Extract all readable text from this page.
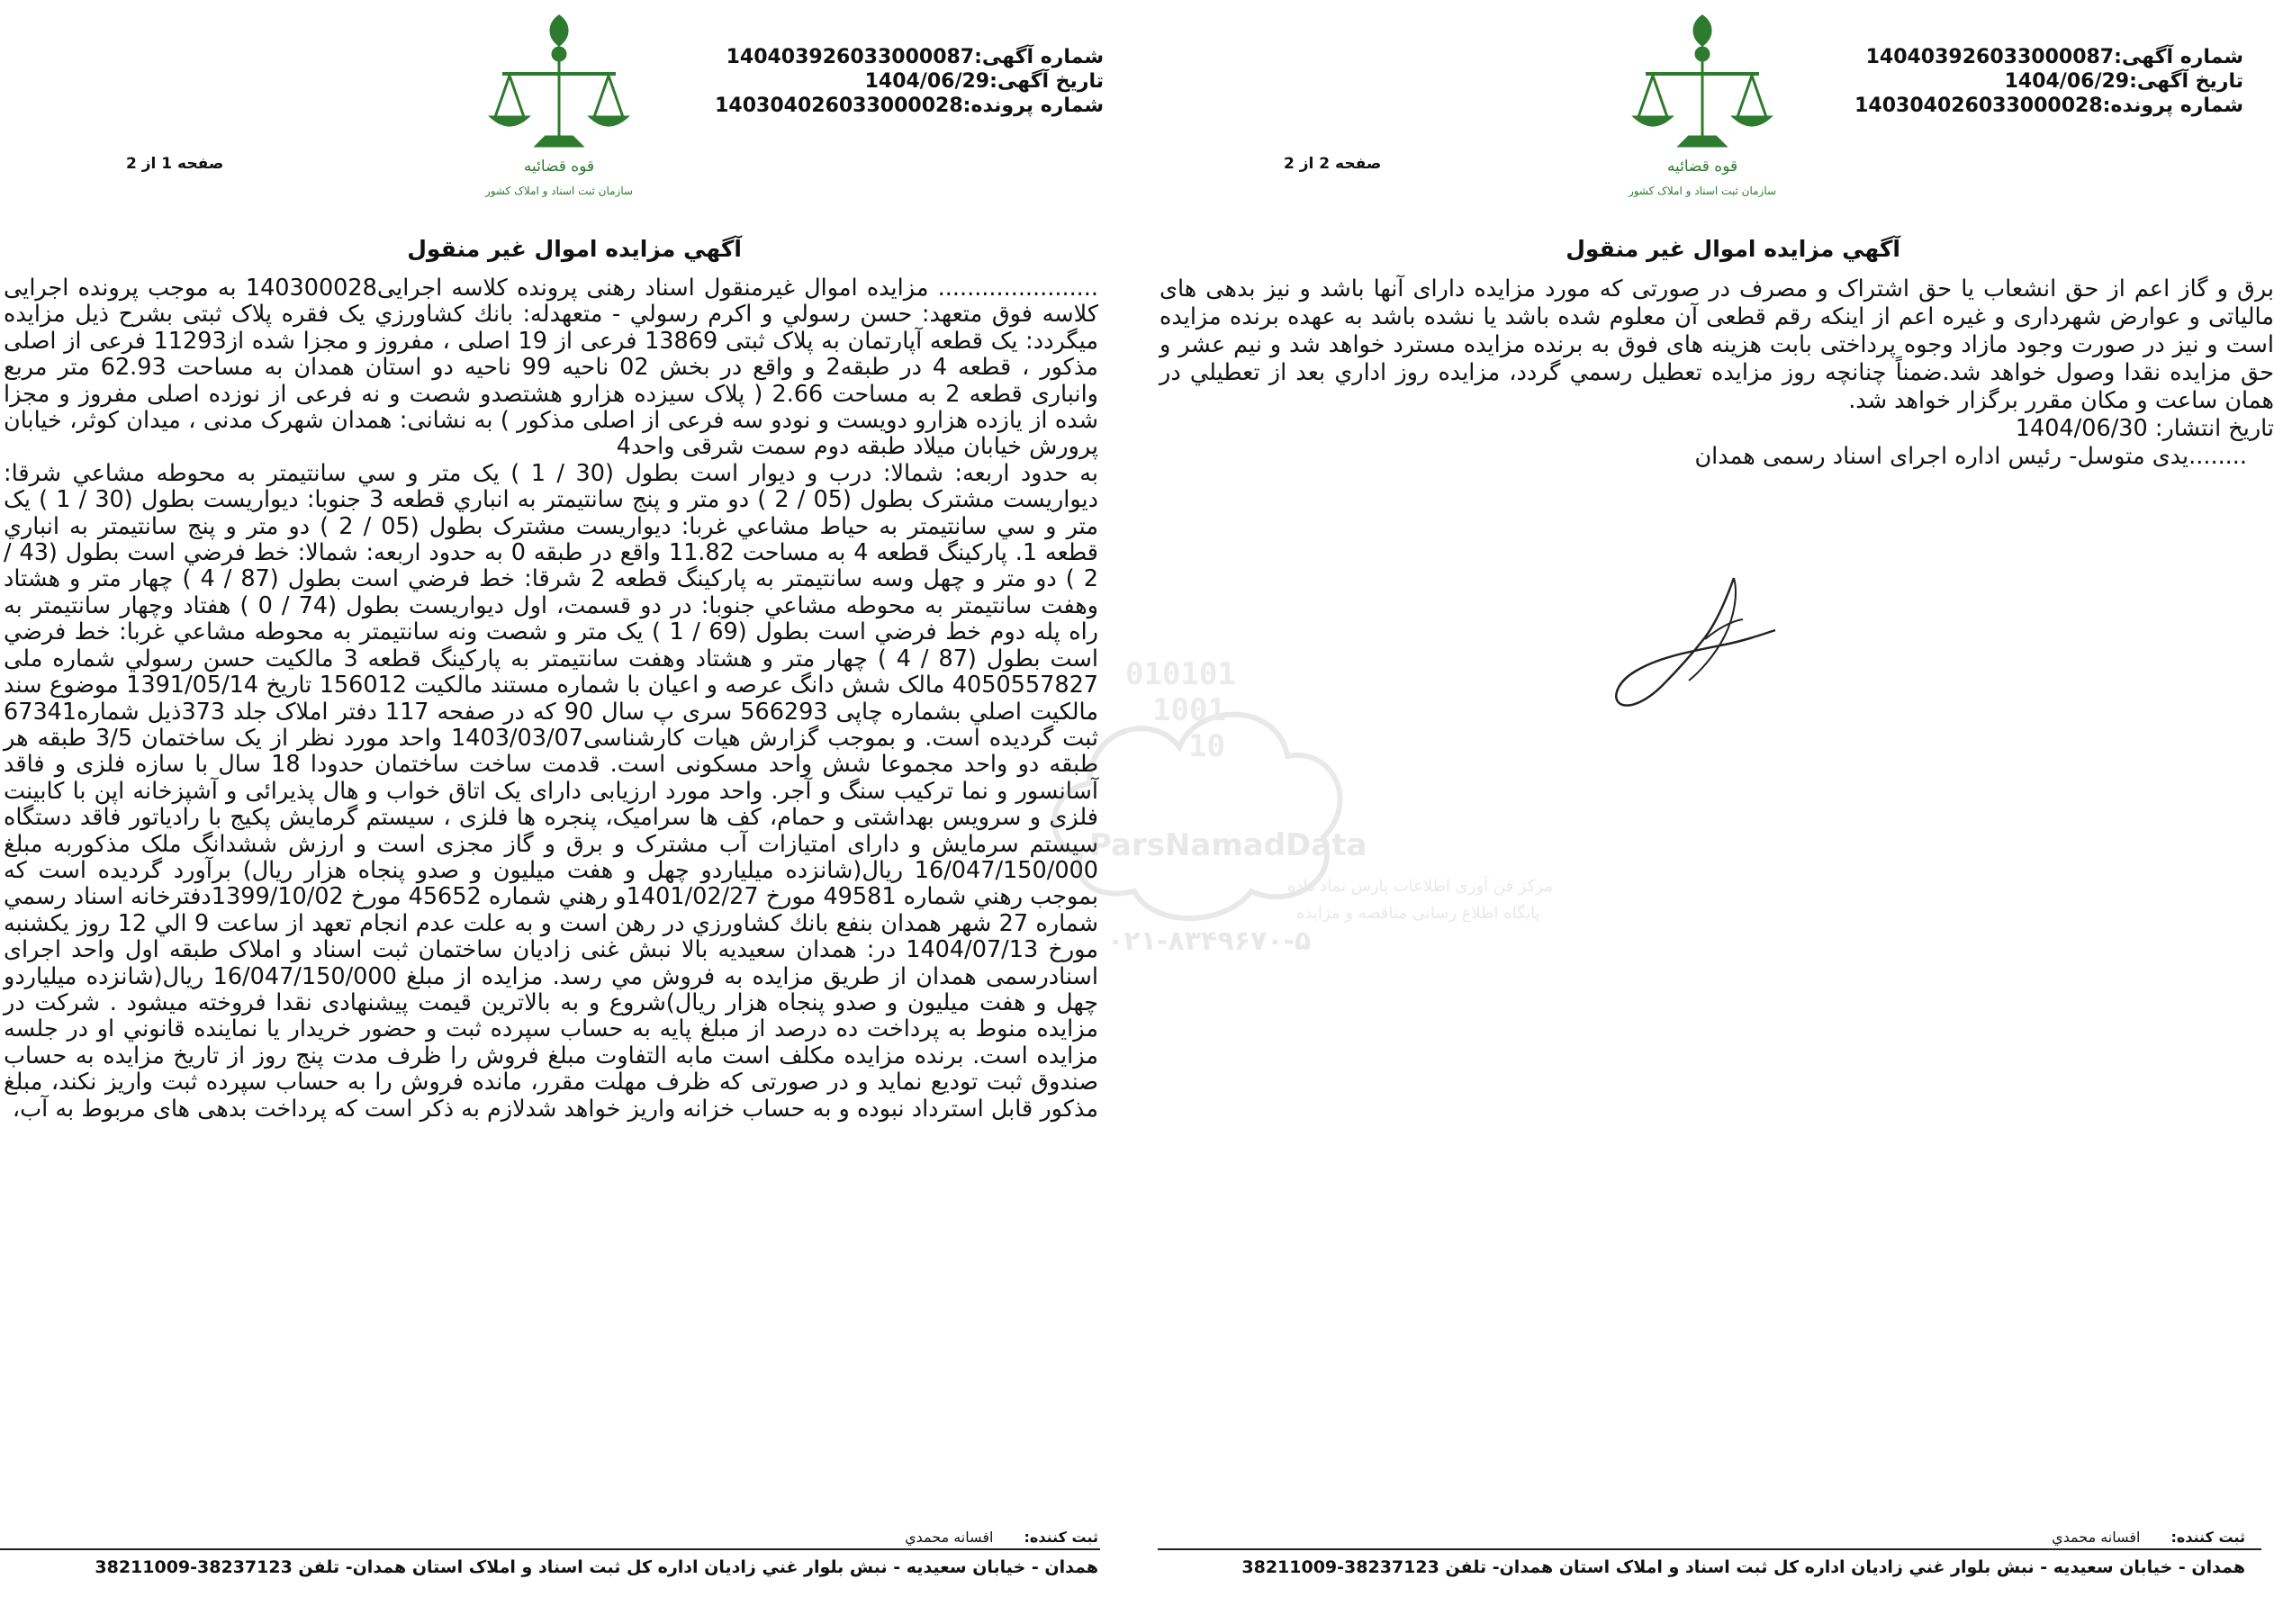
شماره آگهی:140403926033000087
تاریخ آگهی:1404/06/29
شماره پرونده:140304026033000028
قوه قضائیه
سازمان ثبت اسناد و املاک کشور
صفحه 2 از 2
آگهي مزايده اموال غير منقول

برق و گاز اعم از حق انشعاب یا حق اشتراک و مصرف در صورتی که مورد مزایده دارای آنها باشد و نیز بدهی های مالیاتی و عوارض شهرداری و غیره اعم از اینکه رقم قطعی آن معلوم شده باشد یا نشده باشد به عهده برنده مزایده است و نیز در صورت وجود مازاد وجوه پرداختی بابت هزینه های فوق به برنده مزایده مسترد خواهد شد و نیم عشر و حق مزایده نقدا وصول خواهد شد.ضمناً چنانچه روز مزایده تعطیل رسمي گردد، مزايده روز اداري بعد از تعطيلي در همان ساعت و مكان مقرر برگزار خواهد شد.

تاریخ انتشار: 1404/06/30

........یدی متوسل- رئیس اداره اجرای اسناد رسمی همدان

ثبت کننده:افسانه محمدي
همدان - خیابان سعیدیه - نبش بلوار غني زادیان اداره کل ثبت اسناد و املاک استان همدان- تلفن 38237123-38211009
شماره آگهی:140403926033000087
تاریخ آگهی:1404/06/29
شماره پرونده:140304026033000028
قوه قضائیه
سازمان ثبت اسناد و املاک کشور
صفحه 1 از 2
آگهي مزايده اموال غير منقول

...................... مزايده اموال غيرمنقول اسناد رهنی پرونده كلاسه اجرايی140300028 به موجب پرونده اجرایی کلاسه فوق متعهد: حسن رسولي و اکرم رسولي - متعهدله: بانك كشاورزي یک فقره پلاک ثبتی بشرح ذیل مزایده میگردد: یک قطعه آپارتمان به پلاک ثبتی 13869 فرعی از 19 اصلی ، مفروز و مجزا شده از11293 فرعی از اصلی مذکور ، قطعه 4 در طبقه2 و واقع در بخش 02 ناحیه 99 ناحیه دو استان همدان به مساحت 62.93 متر مربع وانباری قطعه 2 به مساحت 2.66 ( پلاک سیزده هزارو هشتصدو شصت و نه فرعی از نوزده اصلی مفروز و مجزا شده از یازده هزارو دویست و نودو سه فرعی از اصلی مذکور ) به نشانی: همدان شهرک مدنی ، میدان کوثر، خیابان پرورش خیابان میلاد طبقه دوم سمت شرقی واحد4

به حدود اربعه: شمالا: درب و ديوار است بطول (30 / 1 ) يک متر و سي سانتيمتر به محوطه مشاعي شرقا: ديواريست مشترک بطول (05 / 2 ) دو متر و پنج سانتيمتر به انباري قطعه 3 جنوبا: ديواريست بطول (30 / 1 ) يک متر و سي سانتيمتر به حياط مشاعي غربا: ديواريست مشترک بطول (05 / 2 ) دو متر و پنج سانتيمتر به انباري قطعه 1. پارکينگ قطعه 4 به مساحت 11.82 واقع در طبقه 0 به حدود اربعه: شمالا: خط فرضي است بطول (43 / 2 ) دو متر و چهل وسه سانتيمتر به پارکينگ قطعه 2 شرقا: خط فرضي است بطول (87 / 4 ) چهار متر و هشتاد وهفت سانتيمتر به محوطه مشاعي جنوبا: در دو قسمت، اول ديواريست بطول (74 / 0 ) هفتاد وچهار سانتيمتر به راه پله دوم خط فرضي است بطول (69 / 1 ) يک متر و شصت ونه سانتيمتر به محوطه مشاعي غربا: خط فرضي است بطول (87 / 4 ) چهار متر و هشتاد وهفت سانتيمتر به پارکينگ قطعه 3 مالکیت حسن رسولي شماره ملی 4050557827 مالک شش دانگ عرصه و اعیان با شماره مستند مالکیت 156012 تاریخ 1391/05/14 موضوع سند مالکیت اصلي بشماره چاپی 566293 سری پ سال 90 که در صفحه 117 دفتر املاک جلد 373ذیل شماره67341 ثبت گرديده است. و بموجب گزارش هیات کارشناسی1403/03/07 واحد مورد نظر از یک ساختمان 3/5 طبقه هر طبقه دو واحد مجموعا شش واحد مسکونی است. قدمت ساخت ساختمان حدودا 18 سال با سازه فلزی و فاقد آسانسور و نما ترکیب سنگ و آجر. واحد مورد ارزیابی دارای یک اتاق خواب و هال پذیرائی و آشپزخانه اپن با کابینت فلزی و سرویس بهداشتی و حمام، کف ها سرامیک، پنجره ها فلزی ، سیستم گرمایش پکیج با رادیاتور فاقد دستگاه سیستم سرمایش و دارای امتیازات آب مشترک و برق و گاز مجزی است و ارزش ششدانگ ملک مذکوربه مبلغ 16/047/150/000 ريال(شانزده ميلياردو چهل و هفت ميليون و صدو پنجاه هزار ريال) برآورد گرديده است که بموجب رهني شماره 49581 مورخ 1401/02/27و رهني شماره 45652 مورخ 1399/10/02دفترخانه اسناد رسمي شماره 27 شهر همدان بنفع بانك كشاورزي در رهن است و به علت عدم انجام تعهد از ساعت 9 الي 12 روز يكشنبه مورخ 1404/07/13 در: همدان سعیدیه بالا نبش غنی زادیان ساختمان ثبت اسناد و املاک طبقه اول واحد اجرای اسنادرسمی همدان از طريق مزايده به فروش مي رسد. مزايده از مبلغ 16/047/150/000 ريال(شانزده ميلياردو چهل و هفت ميليون و صدو پنجاه هزار ريال)شروع و به بالاترين قيمت پيشنهادی نقدا فروخته ميشود . شرکت در مزايده منوط به پرداخت ده درصد از مبلغ پايه به حساب سپرده ثبت و حضور خريدار يا نماينده قانوني او در جلسه مزايده است. برنده مزايده مکلف است مابه التفاوت مبلغ فروش را ظرف مدت پنج روز از تاريخ مزايده به حساب صندوق ثبت توديع نمايد و در صورتی که ظرف مهلت مقرر، مانده فروش را به حساب سپرده ثبت واريز نکند، مبلغ مذکور قابل استرداد نبوده و به حساب خزانه واريز خواهد شدلازم به ذکر است که پرداخت بدهی های مربوط به آب،

ثبت کننده:افسانه محمدي
همدان - خیابان سعیدیه - نبش بلوار غني زادیان اداره کل ثبت اسناد و املاک استان همدان- تلفن 38237123-38211009
010101
1001
10
ParsNamadData
مرکز فن آوری اطلاعات پارس نماد داده
پایگاه اطلاع رسانی مناقصه و مزایده
۰۲۱-۸۳۴۹۶۷۰-۵
